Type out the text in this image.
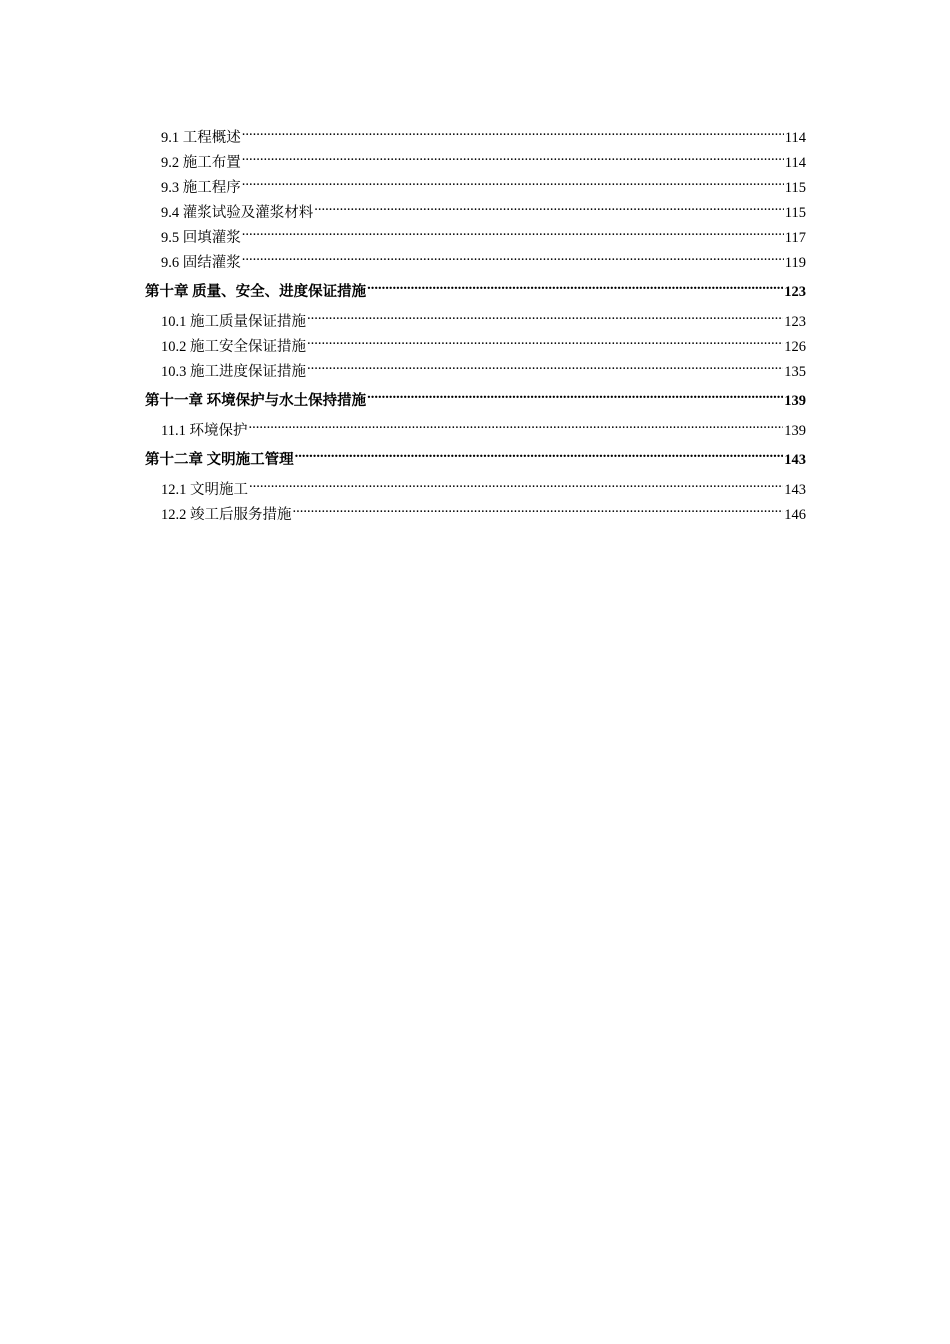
9.1 工程概述 .....	114
9.2 施工布置 .....	114
9.3 施工程序 .....	115
9.4 灌浆试验及灌浆材料 .....	115
9.5 回填灌浆 .....	117
9.6 固结灌浆 .....	119
第十章 质量、安全、进度保证措施 .....	123
10.1 施工质量保证措施 .....	123
10.2 施工安全保证措施 .....	126
10.3 施工进度保证措施 .....	135
第十一章 环境保护与水土保持措施 .....	139
11.1 环境保护 .....	139
第十二章 文明施工管理 .....	143
12.1 文明施工 .....	143
12.2 竣工后服务措施 .....	146
